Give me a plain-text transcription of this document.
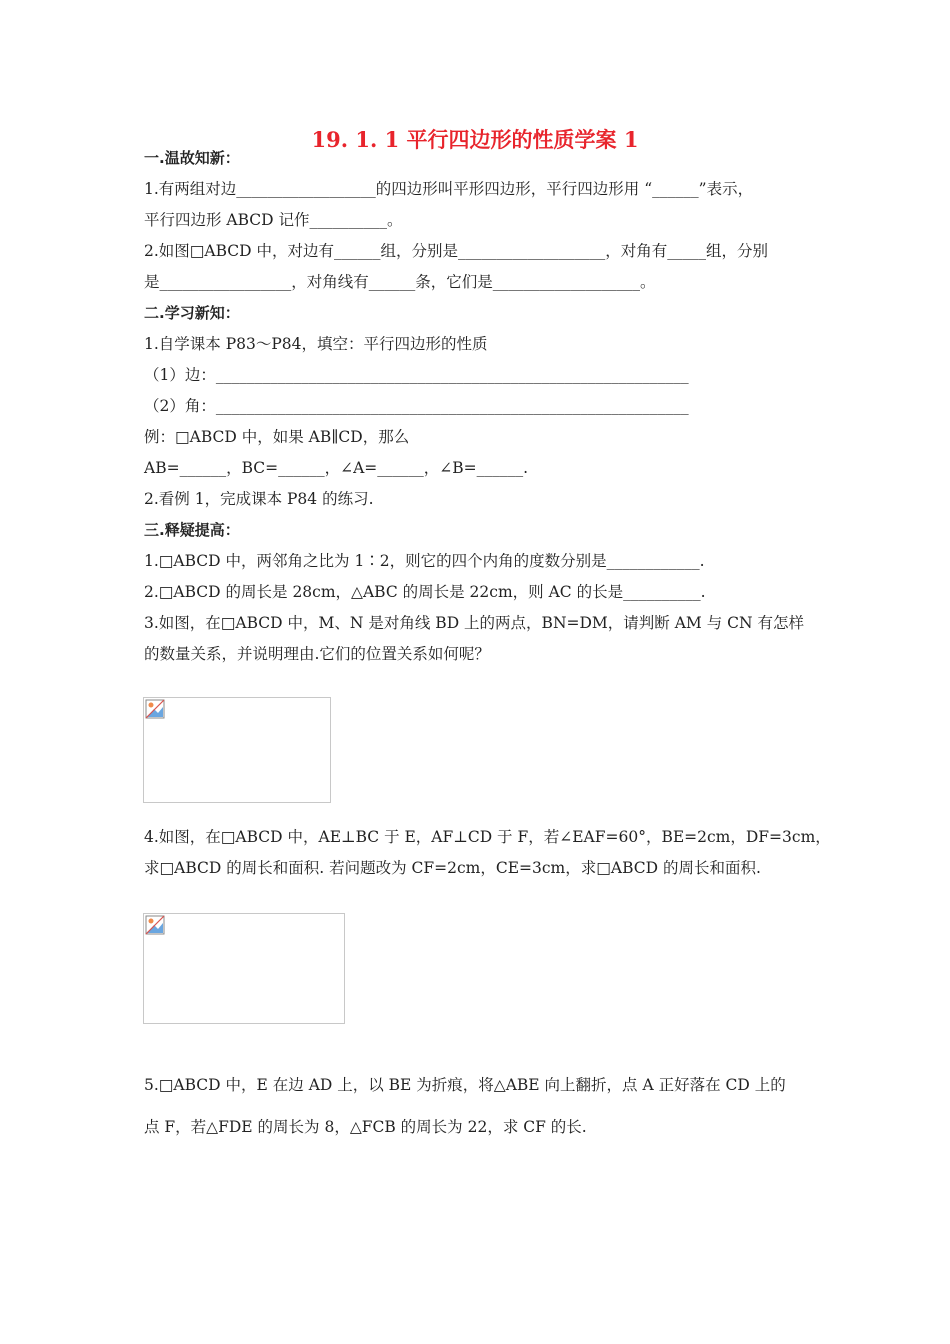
19. 1. 1 平行四边形的性质学案 1
一.温故知新：
1.有两组对边__________________的四边形叫平形四边形，平行四边形用 “______”表示，
平行四边形 ABCD 记作__________。
2.如图□ABCD 中，对边有______组，分别是___________________，对角有_____组，分别
是_________________，对角线有______条，它们是___________________。
二.学习新知：
1.自学课本 P83～P84，填空：平行四边形的性质
（1）边：_____________________________________________________________
（2）角：_____________________________________________________________
例：□ABCD 中，如果 AB∥CD，那么
AB=______，BC=______，∠A=______，∠B=______.
2.看例 1，完成课本 P84 的练习.
三.释疑提高：
1.□ABCD 中，两邻角之比为 1∶2，则它的四个内角的度数分别是____________.
2.□ABCD 的周长是 28cm，△ABC 的周长是 22cm，则 AC 的长是__________.
3.如图，在□ABCD 中，M、N 是对角线 BD 上的两点，BN=DM，请判断 AM 与 CN 有怎样
的数量关系，并说明理由.它们的位置关系如何呢？
4.如图，在□ABCD 中，AE⊥BC 于 E，AF⊥CD 于 F，若∠EAF=60°，BE=2cm，DF=3cm，
求□ABCD 的周长和面积. 若问题改为 CF=2cm，CE=3cm，求□ABCD 的周长和面积.
5.□ABCD 中，E 在边 AD 上，以 BE 为折痕，将△ABE 向上翻折，点 A 正好落在 CD 上的
点 F，若△FDE 的周长为 8，△FCB 的周长为 22，求 CF 的长.
